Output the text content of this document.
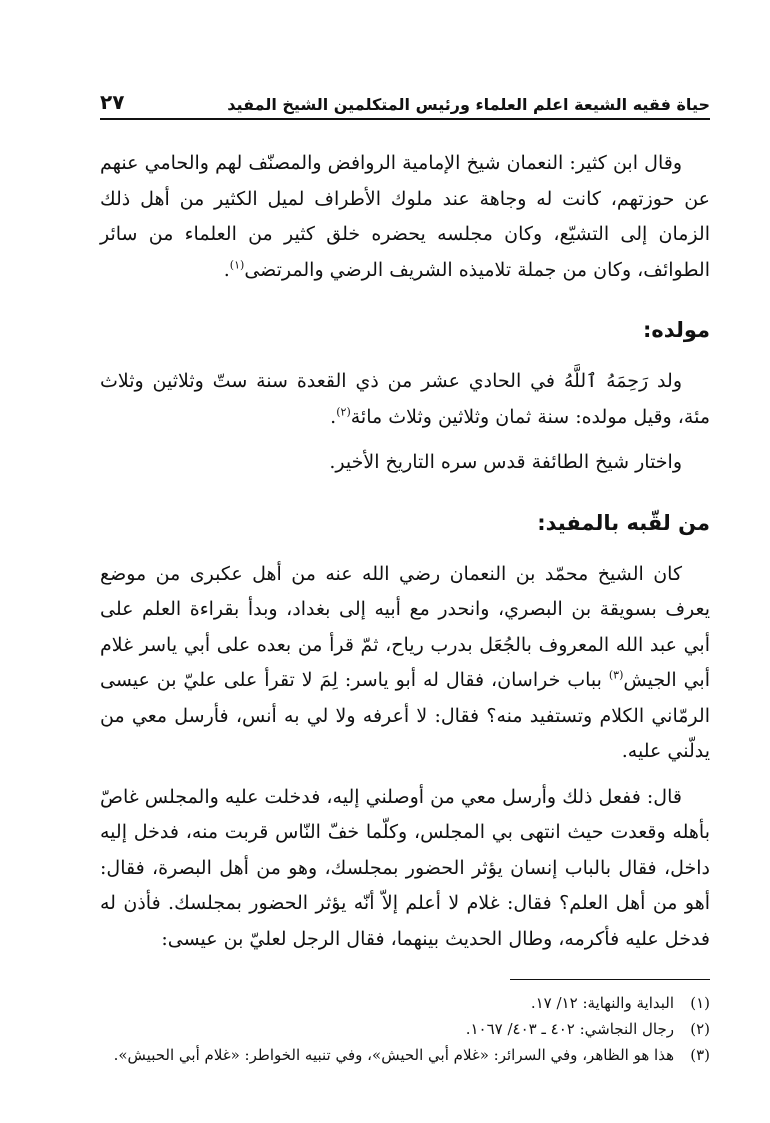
حياة فقيه الشيعة اعلم العلماء ورئيس المتكلمين الشيخ المفيد
٢٧

وقال ابن كثير: النعمان شيخ الإمامية الروافض والمصنّف لهم والحامي عنهم عن حوزتهم، كانت له وجاهة عند ملوك الأطراف لميل الكثير من أهل ذلك الزمان إلى التشيّع، وكان مجلسه يحضره خلق كثير من العلماء من سائر الطوائف، وكان من جملة تلاميذه الشريف الرضي والمرتضى$^{(١)}$.

مولده:

ولد رَحِمَهُ ٱللَّهُ في الحادي عشر من ذي القعدة سنة ستّ وثلاثين وثلاث مئة، وقيل مولده: سنة ثمان وثلاثين وثلاث مائة$^{(٢)}$.

واختار شيخ الطائفة قدس سره التاريخ الأخير.

من لقّبه بالمفيد:

كان الشيخ محمّد بن النعمان رضي الله عنه من أهل عكبرى من موضع يعرف بسويقة بن البصري، وانحدر مع أبيه إلى بغداد، وبدأ بقراءة العلم على أبي عبد الله المعروف بالجُعَل بدرب رياح، ثمّ قرأ من بعده على أبي ياسر غلام أبي الجيش$^{(٣)}$ بباب خراسان، فقال له أبو ياسر: لِمَ لا تقرأ على عليّ بن عيسى الرمّاني الكلام وتستفيد منه؟ فقال: لا أعرفه ولا لي به أنس، فأرسل معي من يدلّني عليه.

قال: ففعل ذلك وأرسل معي من أوصلني إليه، فدخلت عليه والمجلس غاصّ بأهله وقعدت حيث انتهى بي المجلس، وكلّما خفّ النّاس قربت منه، فدخل إليه داخل، فقال بالباب إنسان يؤثر الحضور بمجلسك، وهو من أهل البصرة، فقال: أهو من أهل العلم؟ فقال: غلام لا أعلم إلاّ أنّه يؤثر الحضور بمجلسك. فأذن له فدخل عليه فأكرمه، وطال الحديث بينهما، فقال الرجل لعليّ بن عيسى:

(١)
البداية والنهاية: ١٢/ ١٧.
(٢)
رجال النجاشي: ٤٠٢ ـ ٤٠٣/ ١٠٦٧.
(٣)
هذا هو الظاهر، وفي السرائر: «غلام أبي الحيش»، وفي تنبيه الخواطر: «غلام أبي الحبيش».
